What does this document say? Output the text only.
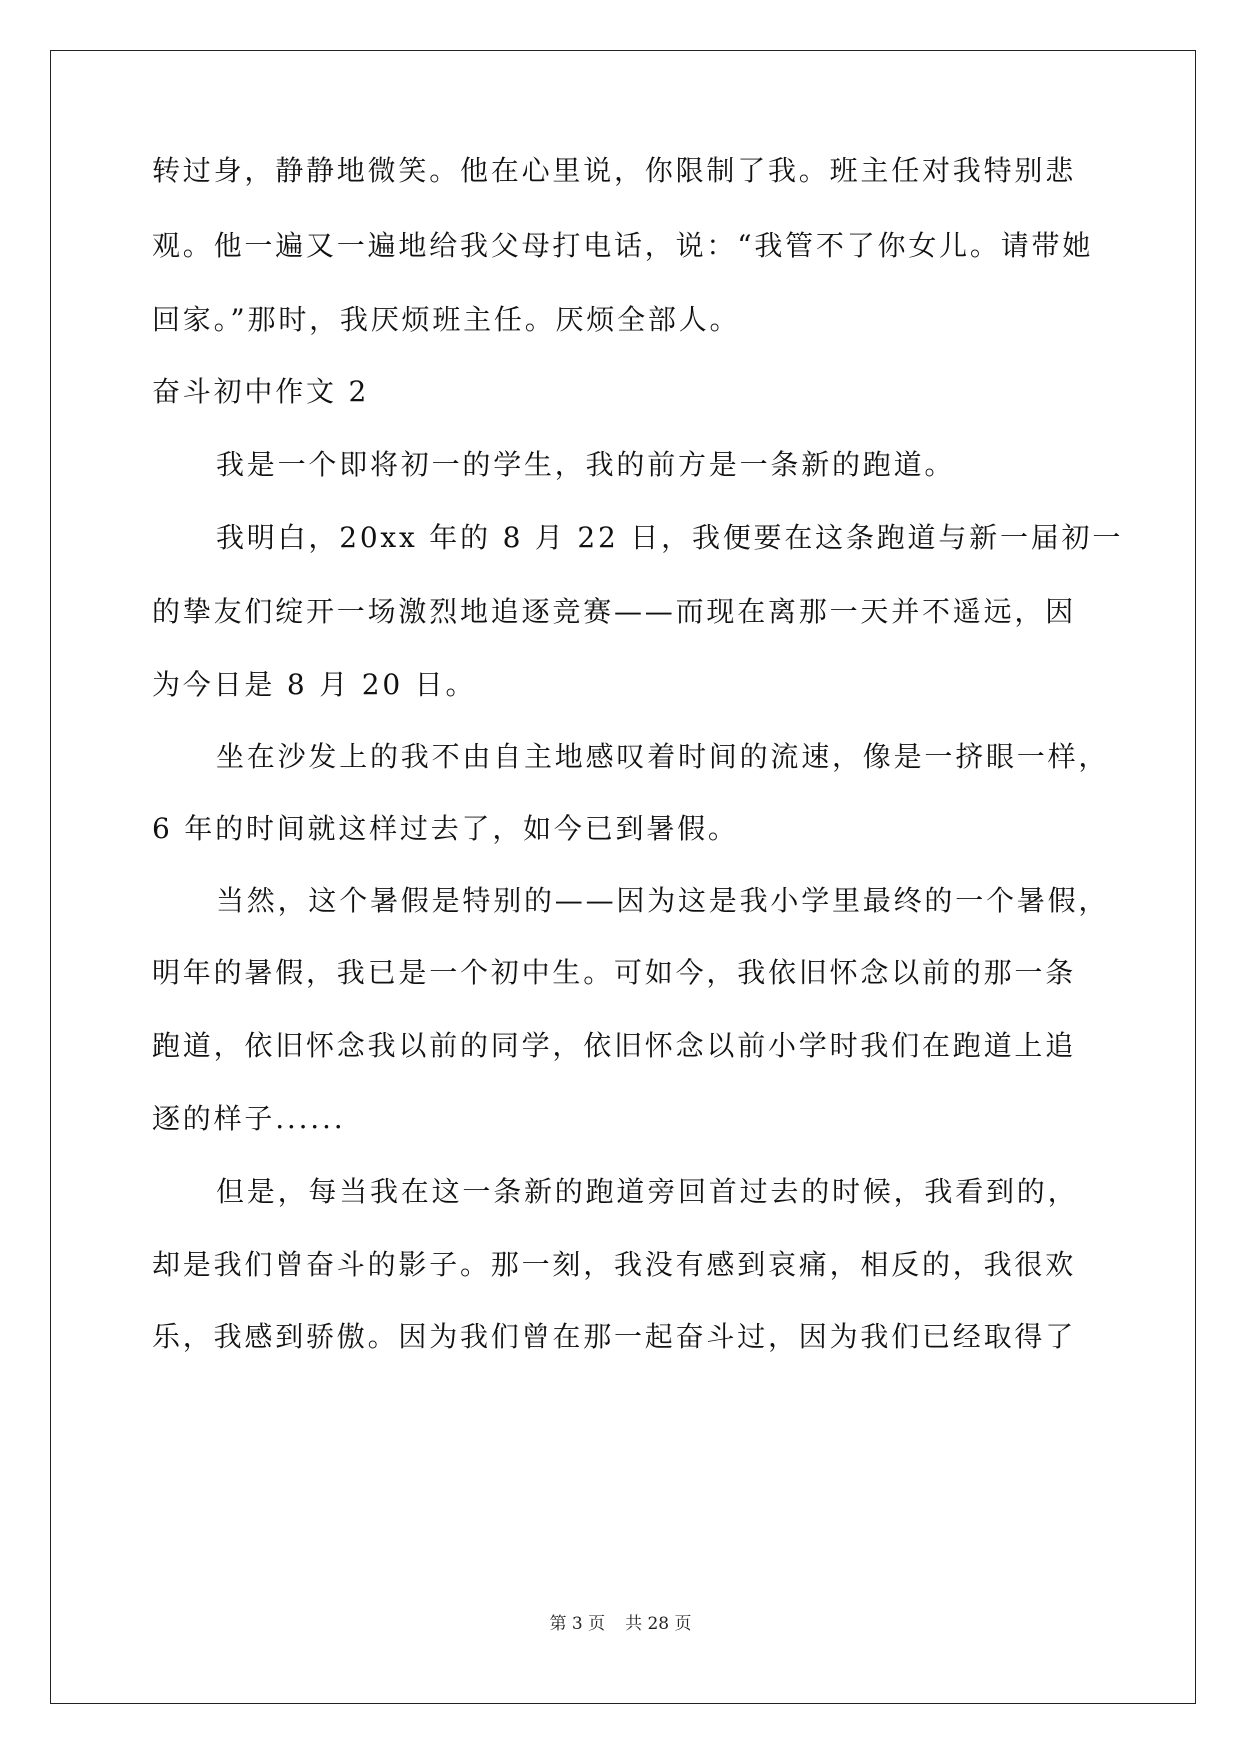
转过身，静静地微笑。他在心里说，你限制了我。班主任对我特别悲
观。他一遍又一遍地给我父母打电话，说：“我管不了你女儿。请带她
回家。”那时，我厌烦班主任。厌烦全部人。
奋斗初中作文 2
我是一个即将初一的学生，我的前方是一条新的跑道。
我明白，20xx 年的 8 月 22 日，我便要在这条跑道与新一届初一
的挚友们绽开一场激烈地追逐竞赛——而现在离那一天并不遥远，因
为今日是 8 月 20 日。
坐在沙发上的我不由自主地感叹着时间的流速，像是一挤眼一样，
6 年的时间就这样过去了，如今已到暑假。
当然，这个暑假是特别的——因为这是我小学里最终的一个暑假，
明年的暑假，我已是一个初中生。可如今，我依旧怀念以前的那一条
跑道，依旧怀念我以前的同学，依旧怀念以前小学时我们在跑道上追
逐的样子......
但是，每当我在这一条新的跑道旁回首过去的时候，我看到的，
却是我们曾奋斗的影子。那一刻，我没有感到哀痛，相反的，我很欢
乐，我感到骄傲。因为我们曾在那一起奋斗过，因为我们已经取得了
第 3 页 共 28 页
